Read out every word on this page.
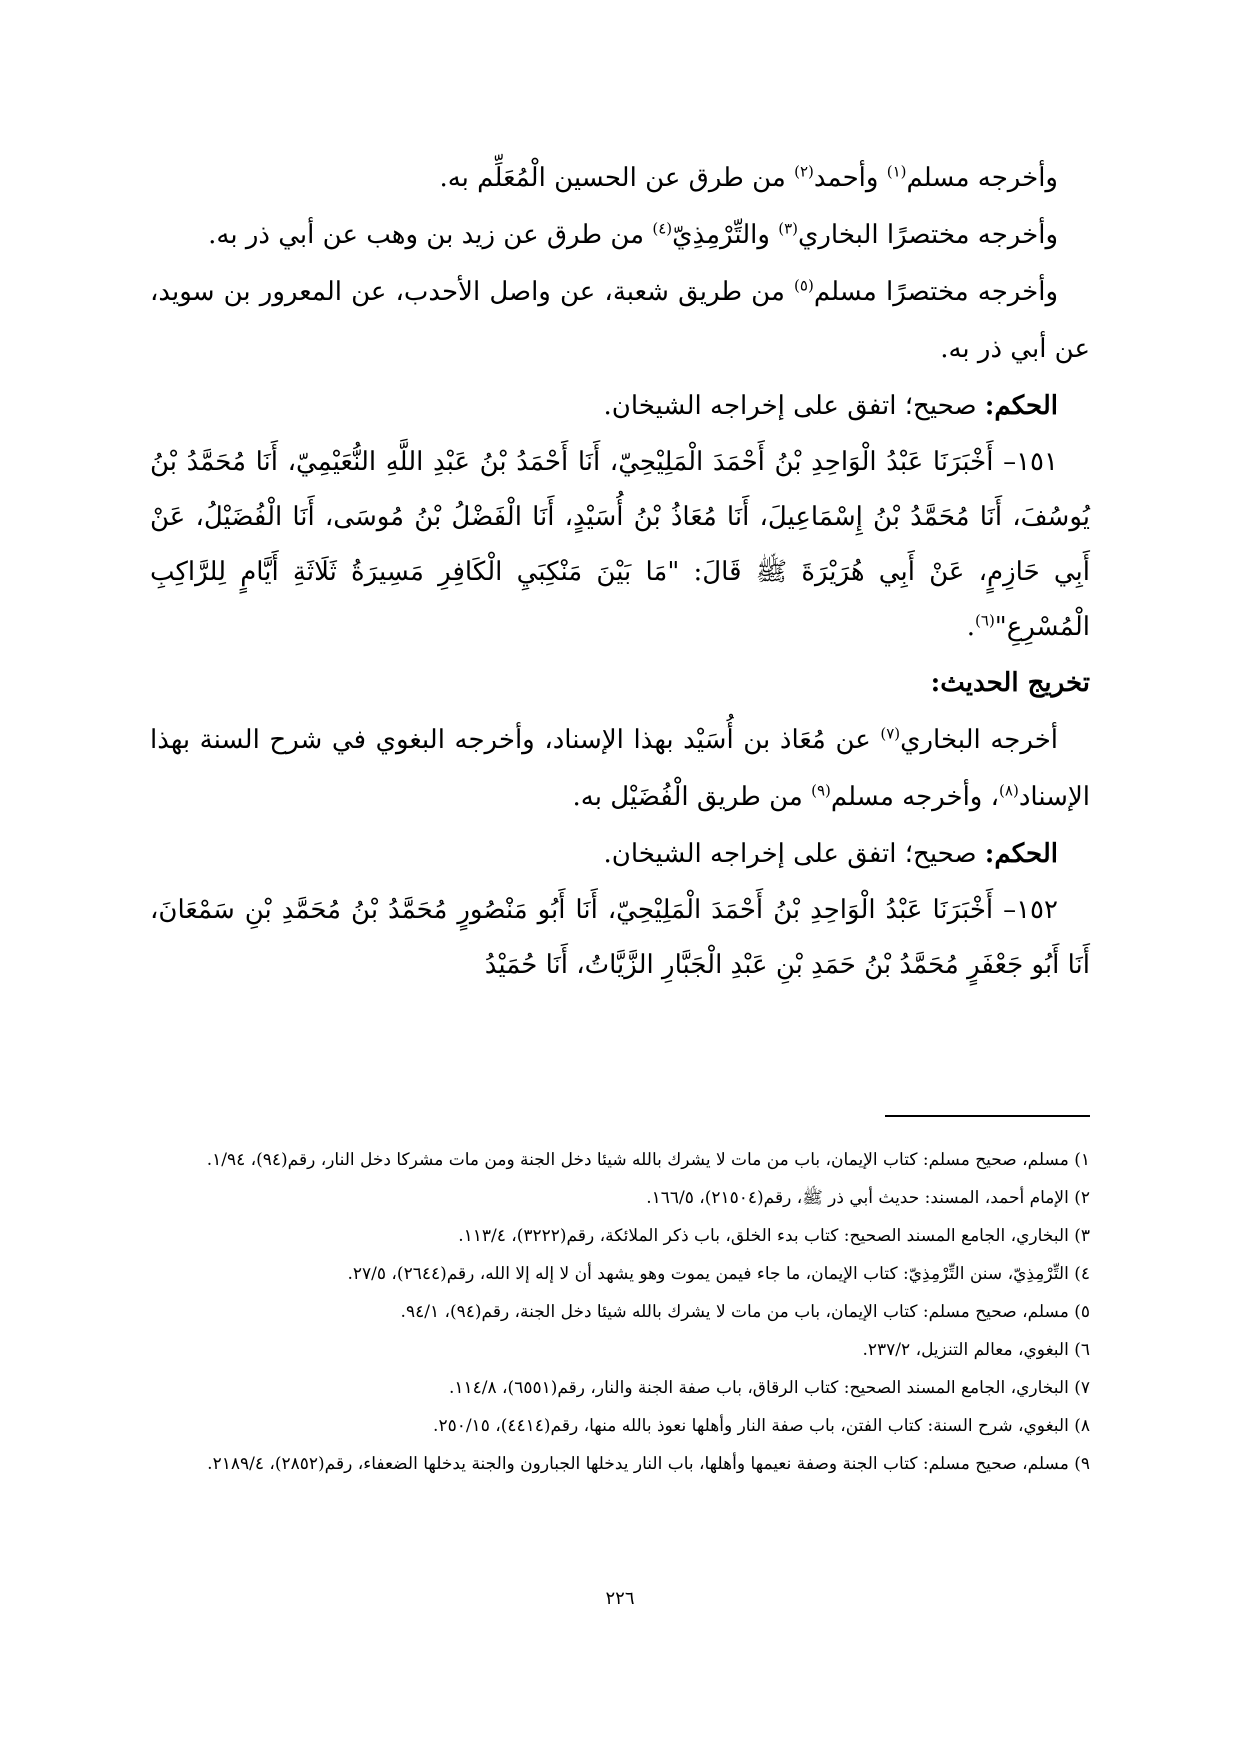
وأخرجه مسلم$^{(١)}$ وأحمد$^{(٢)}$ من طرق عن الحسين الْمُعَلِّم به.

وأخرجه مختصرًا البخاري$^{(٣)}$ والتِّرْمِذِيّ$^{(٤)}$ من طرق عن زيد بن وهب عن أبي ذر به.

وأخرجه مختصرًا مسلم$^{(٥)}$ من طريق شعبة، عن واصل الأحدب، عن المعرور بن سويد، عن أبي ذر به.

الحكم: صحيح؛ اتفق على إخراجه الشيخان.

١٥١– أَخْبَرَنَا عَبْدُ الْوَاحِدِ بْنُ أَحْمَدَ الْمَلِيْحِيّ، أَنَا أَحْمَدُ بْنُ عَبْدِ اللَّهِ النُّعَيْمِيّ، أَنَا مُحَمَّدُ بْنُ يُوسُفَ، أَنَا مُحَمَّدُ بْنُ إِسْمَاعِيلَ، أَنَا مُعَاذُ بْنُ أُسَيْدٍ، أَنَا الْفَضْلُ بْنُ مُوسَى، أَنَا الْفُضَيْلُ، عَنْ أَبِي حَازِمٍ، عَنْ أَبِي هُرَيْرَةَ ﷺ قَالَ: "مَا بَيْنَ مَنْكِبَيِ الْكَافِرِ مَسِيرَةُ ثَلَاثَةِ أَيَّامٍ لِلرَّاكِبِ الْمُسْرِعِ"$^{(٦)}$.

تخريج الحديث:

أخرجه البخاري$^{(٧)}$ عن مُعَاذ بن أُسَيْد بهذا الإسناد، وأخرجه البغوي في شرح السنة بهذا الإسناد$^{(٨)}$، وأخرجه مسلم$^{(٩)}$ من طريق الْفُضَيْل به.

الحكم: صحيح؛ اتفق على إخراجه الشيخان.

١٥٢– أَخْبَرَنَا عَبْدُ الْوَاحِدِ بْنُ أَحْمَدَ الْمَلِيْحِيّ، أَنَا أَبُو مَنْصُورٍ مُحَمَّدُ بْنُ مُحَمَّدِ بْنِ سَمْعَانَ، أَنَا أَبُو جَعْفَرٍ مُحَمَّدُ بْنُ حَمَدِ بْنِ عَبْدِ الْجَبَّارِ الزَّيَّاتُ، أَنَا حُمَيْدُ

١) مسلم، صحيح مسلم: كتاب الإيمان، باب من مات لا يشرك بالله شيئا دخل الجنة ومن مات مشركا دخل النار، رقم(٩٤)، ١/٩٤.

٢) الإمام أحمد، المسند: حديث أبي ذر ﷺ، رقم(٢١٥٠٤)، ١٦٦/٥.

٣) البخاري، الجامع المسند الصحيح: كتاب بدء الخلق، باب ذكر الملائكة، رقم(٣٢٢٢)، ١١٣/٤.

٤) التِّرْمِذِيّ، سنن التِّرْمِذِيّ: كتاب الإيمان، ما جاء فيمن يموت وهو يشهد أن لا إله إلا الله، رقم(٢٦٤٤)، ٢٧/٥.

٥) مسلم، صحيح مسلم: كتاب الإيمان، باب من مات لا يشرك بالله شيئا دخل الجنة، رقم(٩٤)، ٩٤/١.

٦) البغوي، معالم التنزيل، ٢٣٧/٢.

٧) البخاري، الجامع المسند الصحيح: كتاب الرقاق، باب صفة الجنة والنار، رقم(٦٥٥١)، ١١٤/٨.

٨) البغوي، شرح السنة: كتاب الفتن، باب صفة النار وأهلها نعوذ بالله منها، رقم(٤٤١٤)، ٢٥٠/١٥.

٩) مسلم، صحيح مسلم: كتاب الجنة وصفة نعيمها وأهلها، باب النار يدخلها الجبارون والجنة يدخلها الضعفاء، رقم(٢٨٥٢)، ٢١٨٩/٤.

٢٢٦
